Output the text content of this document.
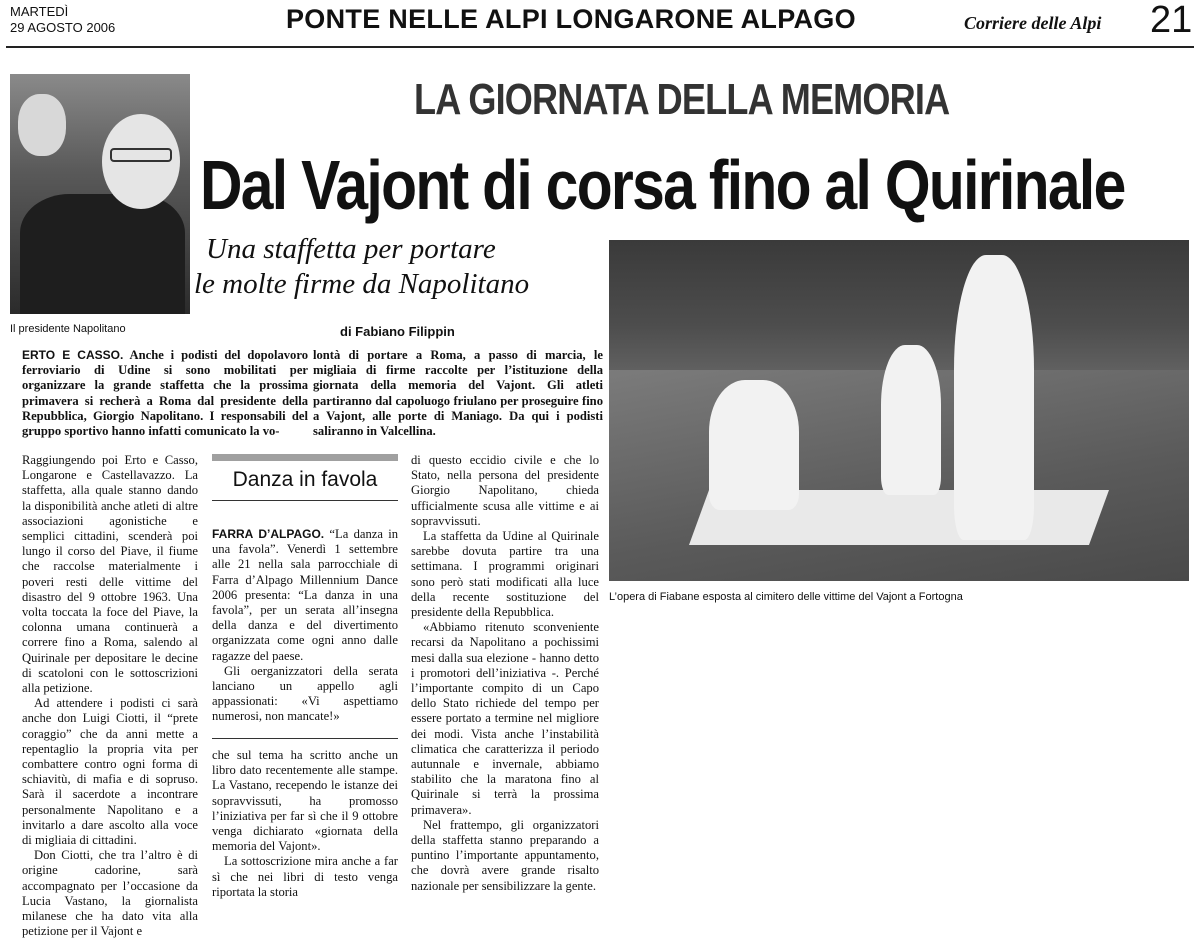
MARTEDÌ
29 AGOSTO 2006	PONTE NELLE ALPI LONGARONE ALPAGO	Corriere delle Alpi 21
Il presidente Napolitano
LA GIORNATA DELLA MEMORIA
Dal Vajont di corsa fino al Quirinale
Una staffetta per portare
le molte firme da Napolitano
di Fabiano Filippin
L’opera di Fiabane esposta al cimitero delle vittime del Vajont a Fortogna
ERTO E CASSO. Anche i podisti del dopolavoro ferroviario di Udine si sono mobilitati per organizzare la grande staffetta che la prossima primavera si recherà a Roma dal presidente della Repubblica, Giorgio Napolitano. I responsabili del gruppo sportivo hanno infatti comunicato la vo-
lontà di portare a Roma, a passo di marcia, le migliaia di firme raccolte per l’istituzione della giornata della memoria del Vajont. Gli atleti partiranno dal capoluogo friulano per proseguire fino a Vajont, alle porte di Maniago. Da qui i podisti saliranno in Valcellina.

Raggiungendo poi Erto e Casso, Longarone e Castellavazzo. La staffetta, alla quale stanno dando la disponibilità anche atleti di altre associazioni agonistiche e semplici cittadini, scenderà poi lungo il corso del Piave, il fiume che raccolse materialmente i poveri resti delle vittime del disastro del 9 ottobre 1963. Una volta toccata la foce del Piave, la colonna umana continuerà a correre fino a Roma, salendo al Quirinale per depositare le decine di scatoloni con le sottoscrizioni alla petizione.

Ad attendere i podisti ci sarà anche don Luigi Ciotti, il “prete coraggio” che da anni mette a repentaglio la propria vita per combattere contro ogni forma di schiavitù, di mafia e di sopruso. Sarà il sacerdote a incontrare personalmente Napolitano e a invitarlo a dare ascolto alla voce di migliaia di cittadini.

Don Ciotti, che tra l’altro è di origine cadorine, sarà accompagnato per l’occasione da Lucia Vastano, la giornalista milanese che ha dato vita alla petizione per il Vajont e

Danza in favola

FARRA D’ALPAGO. “La danza in una favola”. Venerdì 1 settembre alle 21 nella sala parrocchiale di Farra d’Alpago Millennium Dance 2006 presenta: “La danza in una favola”, per un serata all’insegna della danza e del divertimento organizzata come ogni anno dalle ragazze del paese.

Gli oerganizzatori della serata lanciano un appello agli appassionati: «Vi aspettiamo numerosi, non mancate!»

che sul tema ha scritto anche un libro dato recentemente alle stampe. La Vastano, recependo le istanze dei sopravvissuti, ha promosso l’iniziativa per far sì che il 9 ottobre venga dichiarato «giornata della memoria del Vajont».

La sottoscrizione mira anche a far sì che nei libri di testo venga riportata la storia

di questo eccidio civile e che lo Stato, nella persona del presidente Giorgio Napolitano, chieda ufficialmente scusa alle vittime e ai sopravvissuti.

La staffetta da Udine al Quirinale sarebbe dovuta partire tra una settimana. I programmi originari sono però stati modificati alla luce della recente sostituzione del presidente della Repubblica.

«Abbiamo ritenuto sconveniente recarsi da Napolitano a pochissimi mesi dalla sua elezione - hanno detto i promotori dell’iniziativa -. Perché l’importante compito di un Capo dello Stato richiede del tempo per essere portato a termine nel migliore dei modi. Vista anche l’instabilità climatica che caratterizza il periodo autunnale e invernale, abbiamo stabilito che la maratona fino al Quirinale si terrà la prossima primavera».

Nel frattempo, gli organizzatori della staffetta stanno preparando a puntino l’importante appuntamento, che dovrà avere grande risalto nazionale per sensibilizzare la gente.
